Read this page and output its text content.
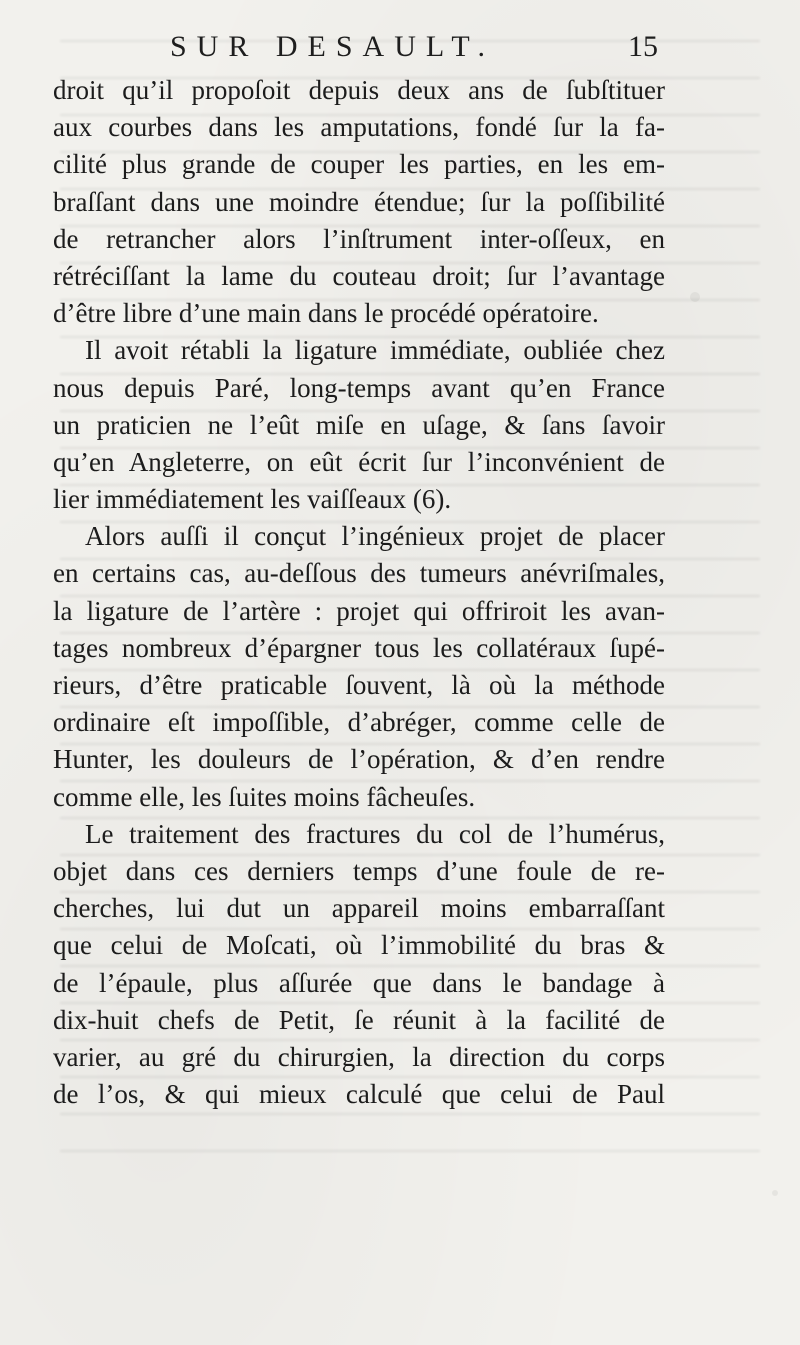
SUR DESAULT.	15
droit qu’il propoſoit depuis deux ans de ſubſtituer
aux courbes dans les amputations, fondé ſur la fa-
cilité plus grande de couper les parties, en les em-
braſſant dans une moindre étendue; ſur la poſſibilité
de retrancher alors l’inſtrument inter-oſſeux, en
rétréciſſant la lame du couteau droit; ſur l’avantage
d’être libre d’une main dans le procédé opératoire.
Il avoit rétabli la ligature immédiate, oubliée chez
nous depuis Paré, long-temps avant qu’en France
un praticien ne l’eût miſe en uſage, & ſans ſavoir
qu’en Angleterre, on eût écrit ſur l’inconvénient de
lier immédiatement les vaiſſeaux (6).
Alors auſſi il conçut l’ingénieux projet de placer
en certains cas, au-deſſous des tumeurs anévriſmales,
la ligature de l’artère : projet qui offriroit les avan-
tages nombreux d’épargner tous les collatéraux ſupé-
rieurs, d’être praticable ſouvent, là où la méthode
ordinaire eſt impoſſible, d’abréger, comme celle de
Hunter, les douleurs de l’opération, & d’en rendre
comme elle, les ſuites moins fâcheuſes.
Le traitement des fractures du col de l’humérus,
objet dans ces derniers temps d’une foule de re-
cherches, lui dut un appareil moins embarraſſant
que celui de Moſcati, où l’immobilité du bras &
de l’épaule, plus aſſurée que dans le bandage à
dix-huit chefs de Petit, ſe réunit à la facilité de
varier, au gré du chirurgien, la direction du corps
de l’os, & qui mieux calculé que celui de Paul
